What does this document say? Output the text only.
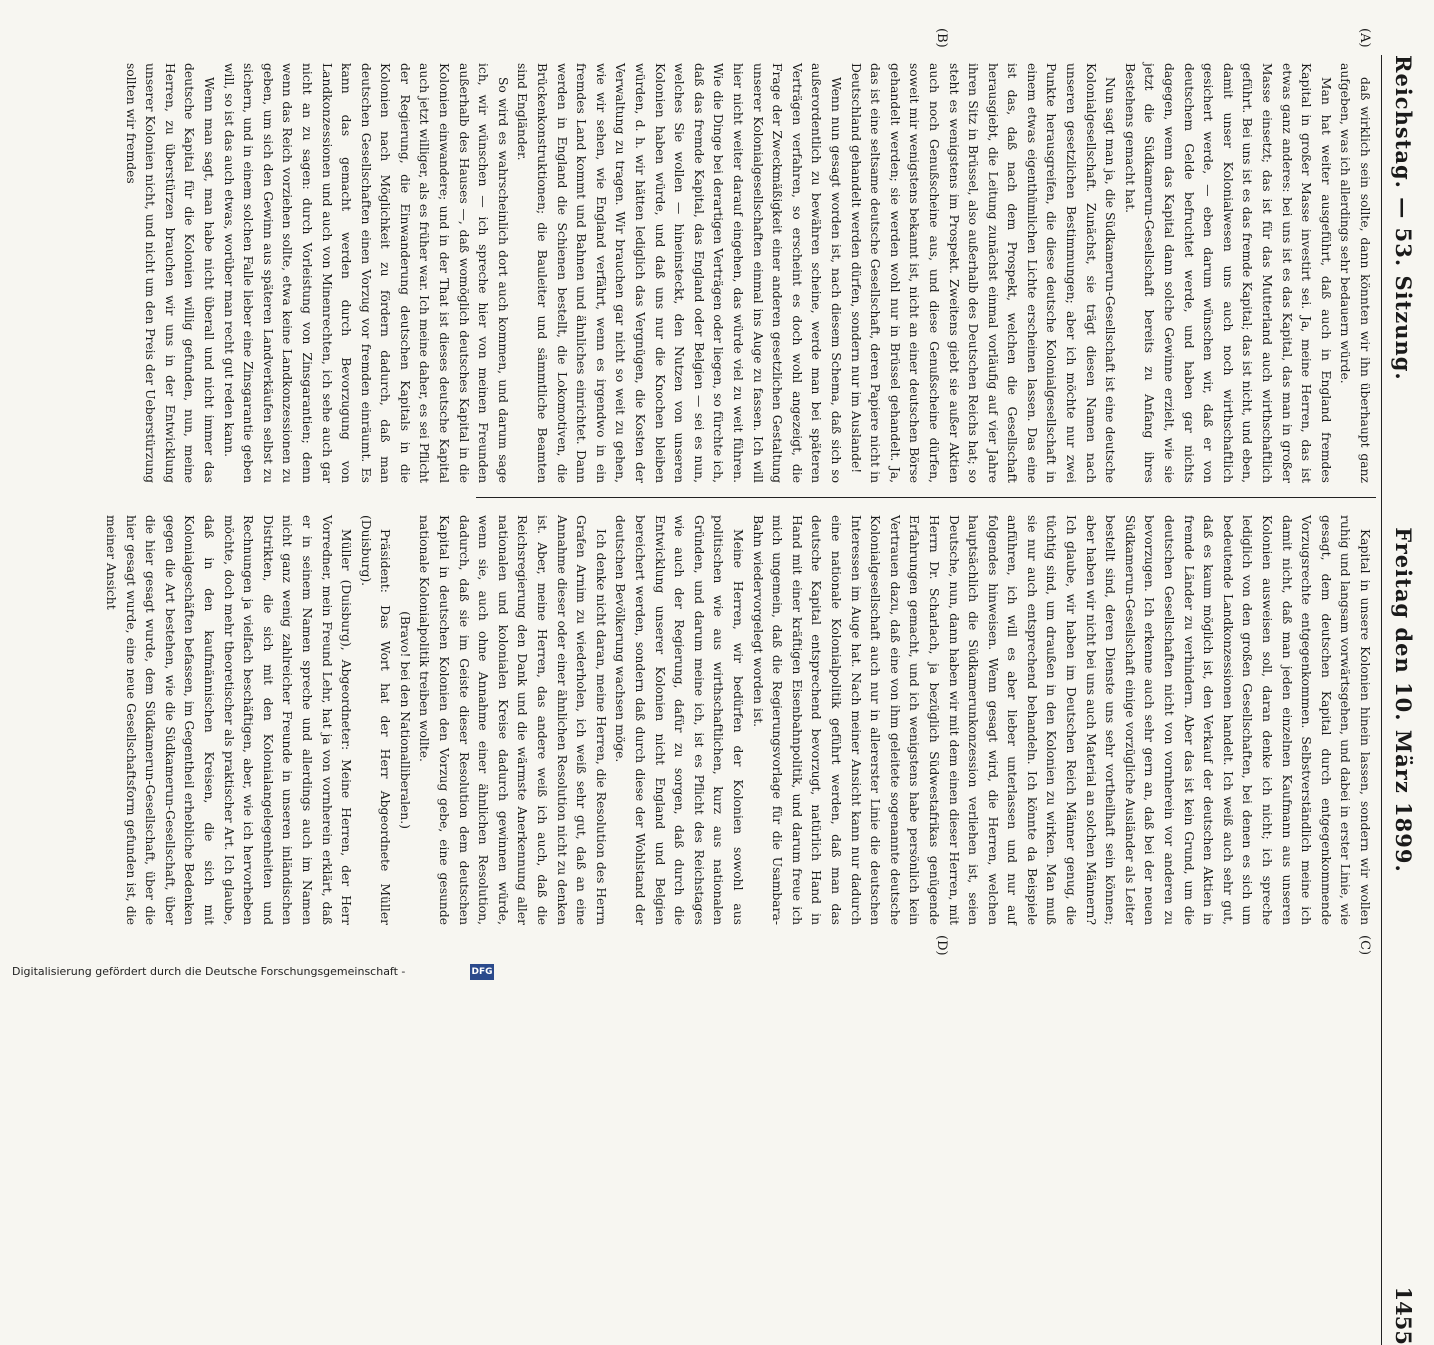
Reichstag. — 53. Sitzung.
Freitag den 10. März 1899.
1455
(A)
(B)
(C)
(D)

daß wirklich sein sollte, dann könnten wir ihn überhaupt ganz aufgeben, was ich allerdings sehr bedauern würde.

Man hat weiter ausgeführt, daß auch in England fremdes Kapital in großer Masse investirt sei. Ja, meine Herren, das ist etwas ganz anderes: bei uns ist es das Kapital, das man in großer Masse einsetzt; das ist für das Mutterland auch wirthschaftlich geführt. Bei uns ist es das fremde Kapital; das ist nicht, und eben, damit unser Kolonialwesen uns auch noch wirthschaftlich gesichert werde, — eben darum wünschen wir, daß er von deutschem Gelde befruchtet werde, und haben gar nichts dagegen, wenn das Kapital dann solche Gewinne erzielt, wie sie jetzt die Südkamerun-Gesellschaft bereits zu Anfang ihres Bestehens gemacht hat.

Nun sagt man ja, die Südkamerun-Gesellschaft ist eine deutsche Kolonialgesellschaft. Zunächst, sie trägt diesen Namen nach unseren gesetzlichen Bestimmungen; aber ich möchte nur zwei Punkte herausgreifen, die diese deutsche Kolonialgesellschaft in einem etwas eigenthümlichen Lichte erscheinen lassen. Das eine ist das, daß nach dem Prospekt, welchen die Gesellschaft herausgiebt, die Leitung zunächst einmal vorläufig auf vier Jahre ihren Sitz in Brüssel, also außerhalb des Deutschen Reichs hat; so steht es wenigstens im Prospekt. Zweitens giebt sie außer Aktien auch noch Genußscheine aus, und diese Genußscheine dürfen, soweit mir wenigstens bekannt ist, nicht an einer deutschen Börse gehandelt werden; sie werden wohl nur in Brüssel gehandelt. Ja, das ist eine seltsame deutsche Gesellschaft, deren Papiere nicht in Deutschland gehandelt werden dürfen, sondern nur im Auslande!

Wenn nun gesagt worden ist, nach diesem Schema, daß sich so außerordentlich zu bewähren scheine, werde man bei späteren Verträgen verfahren, so erscheint es doch wohl angezeigt, die Frage der Zweckmäßigkeit einer anderen gesetzlichen Gestaltung unserer Kolonialgesellschaften einmal ins Auge zu fassen. Ich will hier nicht weiter darauf eingehen, das würde viel zu weit führen. Wie die Dinge bei derartigen Verträgen oder liegen, so fürchte ich, daß das fremde Kapital, das England oder Belgien — sei es nun, welches Sie wollen — hineinsteckt, den Nutzen von unseren Kolonien haben würde, und daß uns nur die Knochen bleiben würden, d. h. wir hätten lediglich das Vergnügen, die Kosten der Verwaltung zu tragen. Wir brauchen gar nicht so weit zu gehen, wie wir sehen, wie England verfährt, wenn es irgendwo in ein fremdes Land kommt und Bahnen und ähnliches einrichtet. Dann werden in England die Schienen bestellt, die Lokomotiven, die Brückenkonstruktionen; die Bauleiter und sämmtliche Beamten sind Engländer.

So wird es wahrscheinlich dort auch kommen, und darum sage ich, wir wünschen — ich spreche hier von meinen Freunden außerhalb des Hauses —, daß womöglich deutsches Kapital in die Kolonien einwandere; und in der That ist dieses deutsche Kapital auch jetzt williger, als es früher war. Ich meine daher, es sei Pflicht der Regierung, die Einwanderung deutschen Kapitals in die Kolonien nach Möglichkeit zu fördern dadurch, daß man deutschen Gesellschaften einen Vorzug vor fremden einräumt. Es kann das gemacht werden durch Bevorzugung von Landkonzessionen und auch von Minenrechten, ich sehe auch gar nicht an zu sagen: durch Vorleistung von Zinsgarantien; denn wenn das Reich vorziehen sollte, etwa keine Landkonzessionen zu geben, um sich den Gewinn aus späteren Landverkäufen selbst zu sichern, und in einem solchen Falle lieber eine Zinsgarantie geben will, so ist das auch etwas, worüber man recht gut reden kann.

Wenn man sagt, man habe nicht überall und nicht immer das deutsche Kapital für die Kolonien willig gefunden, nun, meine Herren, zu überstürzen brauchen wir uns in der Entwicklung unserer Kolonien nicht, und nicht um den Preis der Ueberstürzung sollten wir fremdes

Kapital in unsere Kolonien hinein lassen, sondern wir wollen ruhig und langsam vorwärtsgehen, und dabei in erster Linie, wie gesagt, dem deutschen Kapital durch entgegenkommende Vorzugsrechte entgegenkommen. Selbstverständlich meine ich damit nicht, daß man jeden einzelnen Kaufmann aus unseren Kolonien ausweisen soll, daran denke ich nicht; ich spreche lediglich von den großen Gesellschaften, bei denen es sich um bedeutende Landkonzessionen handelt. Ich weiß auch sehr gut, daß es kaum möglich ist, den Verkauf der deutschen Aktien in fremde Länder zu verhindern. Aber das ist kein Grund, um die deutschen Gesellschaften nicht von vornherein vor anderen zu bevorzugen. Ich erkenne auch sehr gern an, daß bei der neuen Südkamerun-Gesellschaft einige vorzügliche Ausländer als Leiter bestellt sind, deren Dienste uns sehr vortheilhaft sein können; aber haben wir nicht bei uns auch Material an solchen Männern? Ich glaube, wir haben im Deutschen Reich Männer genug, die tüchtig sind, um draußen in den Kolonien zu wirken. Man muß sie nur auch entsprechend behandeln. Ich könnte da Beispiele anführen, ich will es aber lieber unterlassen und nur auf folgendes hinweisen. Wenn gesagt wird, die Herren, welchen hauptsächlich die Südkamerunkonzession verliehen ist, seien Deutsche, nun, dann haben wir mit dem einen dieser Herren, mit Herrn Dr. Scharlach, ja bezüglich Südwestafrikas genügende Erfahrungen gemacht, und ich wenigstens habe persönlich kein Vertrauen dazu, daß eine von ihm geleitete sogenannte deutsche Kolonialgesellschaft auch nur in allererster Linie die deutschen Interessen im Auge hat. Nach meiner Ansicht kann nur dadurch eine nationale Kolonialpolitik geführt werden, daß man das deutsche Kapital entsprechend bevorzugt, natürlich Hand in Hand mit einer kräftigen Eisenbahnpolitik, und darum freue ich mich ungemein, daß die Regierungsvorlage für die Usambara-Bahn wiedervorgelegt worden ist.

Meine Herren, wir bedürfen der Kolonien sowohl aus politischen wie aus wirthschaftlichen, kurz aus nationalen Gründen, und darum meine ich, ist es Pflicht des Reichstages wie auch der Regierung, dafür zu sorgen, daß durch die Entwicklung unserer Kolonien nicht England und Belgien bereichert werden, sondern daß durch diese der Wohlstand der deutschen Bevölkerung wachsen möge.

Ich denke nicht daran, meine Herren, die Resolution des Herrn Grafen Arnim zu wiederholen, ich weiß sehr gut, daß an eine Annahme dieser oder einer ähnlichen Resolution nicht zu denken ist. Aber, meine Herren, das andere weiß ich auch, daß die Reichsregierung den Dank und die wärmste Anerkennung aller nationalen und kolonialen Kreise dadurch gewinnen würde, wenn sie, auch ohne Annahme einer ähnlichen Resolution, dadurch, daß sie im Geiste dieser Resolution dem deutschen Kapital in deutschen Kolonien den Vorzug gebe, eine gesunde nationale Kolonialpolitik treiben wollte.

(Bravo! bei den Nationalliberalen.)

Präsident: Das Wort hat der Herr Abgeordnete Müller (Duisburg).

Müller (Duisburg), Abgeordneter: Meine Herren, der Herr Vorredner, mein Freund Lehr, hat ja von vornherein erklärt, daß er in seinem Namen spreche und allerdings auch im Namen nicht ganz wenig zahlreicher Freunde in unseren inländischen Distrikten, die sich mit den Kolonialangelegenheiten und Rechnungen ja vielfach beschäftigen, aber, wie ich hervorheben möchte, doch mehr theoretischer als praktischer Art. Ich glaube, daß in den kaufmännischen Kreisen, die sich mit Kolonialgeschäften befassen, im Gegentheil erhebliche Bedenken gegen die Art bestehen, wie die Südkamerun-Gesellschaft, über die hier gesagt wurde, dem Südkamerun-Gesellschaft, über die hier gesagt wurde, eine neue Gesellschaftsform gefunden ist, die meiner Ansicht

Digitalisierung gefördert durch die Deutsche Forschungsgemeinschaft -	DFG
